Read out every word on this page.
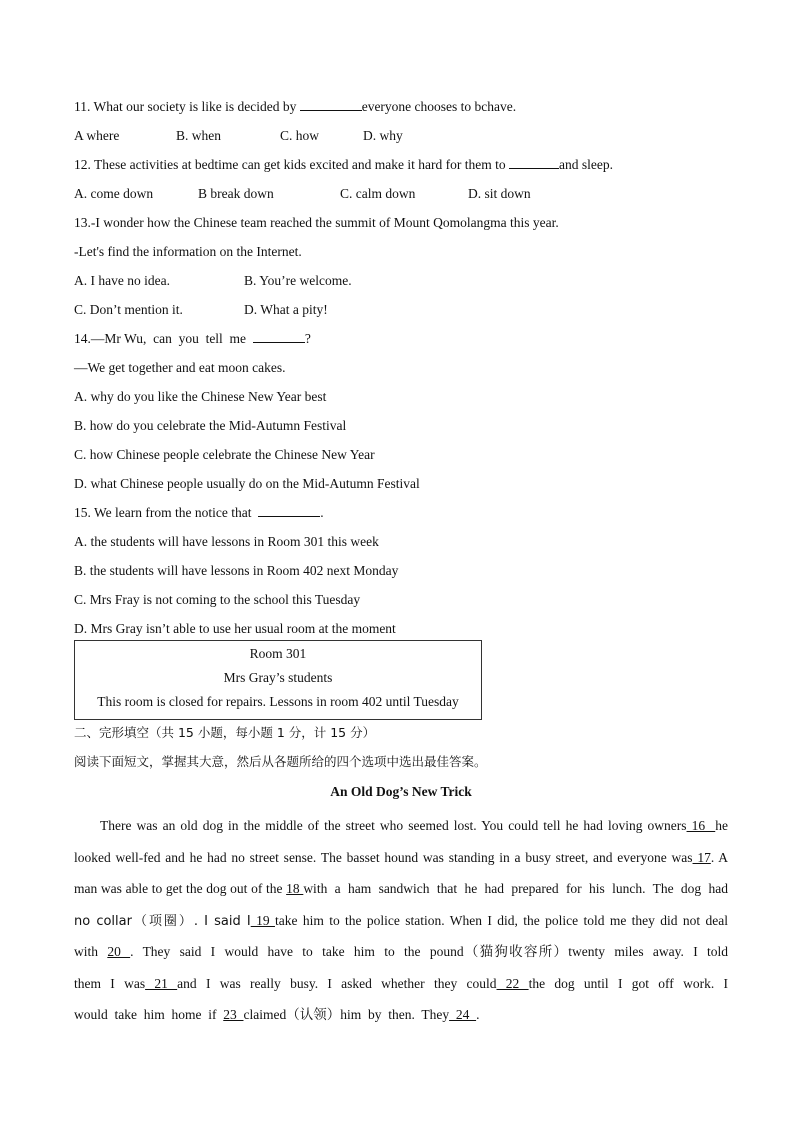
11. What our society is like is decided by	everyone chooses to bchave.
A where	B. when	C. how	D. why
12. These activities at bedtime can get kids excited and make it hard for them to	and sleep.
A. come down	B break down	C. calm down	D. sit down
13.-I wonder how the Chinese team reached the summit of Mount Qomolangma this year.
-Let's find the information on the Internet.
A. I have no idea.	B. You’re welcome.
C. Don’t mention it.	D. What a pity!
14.—Mr Wu,  can  you  tell  me	?
—We get together and eat moon cakes.
A. why do you like the Chinese New Year best
B. how do you celebrate the Mid-Autumn Festival
C. how Chinese people celebrate the Chinese New Year
D. what Chinese people usually do on the Mid-Autumn Festival
15. We learn from the notice that	.
A. the students will have lessons in Room 301 this week
B. the students will have lessons in Room 402 next Monday
C. Mrs Fray is not coming to the school this Tuesday
D. Mrs Gray isn’t able to use her usual room at the moment
Room 301
Mrs Gray’s students
This room is closed for repairs. Lessons in room 402 until Tuesday
二、完形填空（共 15 小题，每小题 1 分，计 15 分）
阅读下面短文，掌握其大意，然后从各题所给的四个选项中选出最佳答案。
An Old Dog’s New Trick
There was an old dog in the middle of the street who seemed lost. You could tell he had loving owners 16  he
looked well-fed and he had no street sense. The basset hound was standing in a busy street, and everyone was 17. A
man was able to get the dog out of the 18 with  a  ham  sandwich  that  he  had  prepared  for  his  lunch.  The  dog  had
no collar（项圈）. I said I 19 take him to the police station. When I did, the police told me they did not deal
with  20  .  They  said  I  would  have  to  take  him  to  the  pound（猫狗收容所）twenty  miles  away.  I  told
them  I  was  21  and  I  was  really  busy.  I  asked  whether  they  could  22  the  dog  until  I  got  off  work.  I
would  take  him  home  if  23  claimed（认领）him  by  then.  They  24  .
